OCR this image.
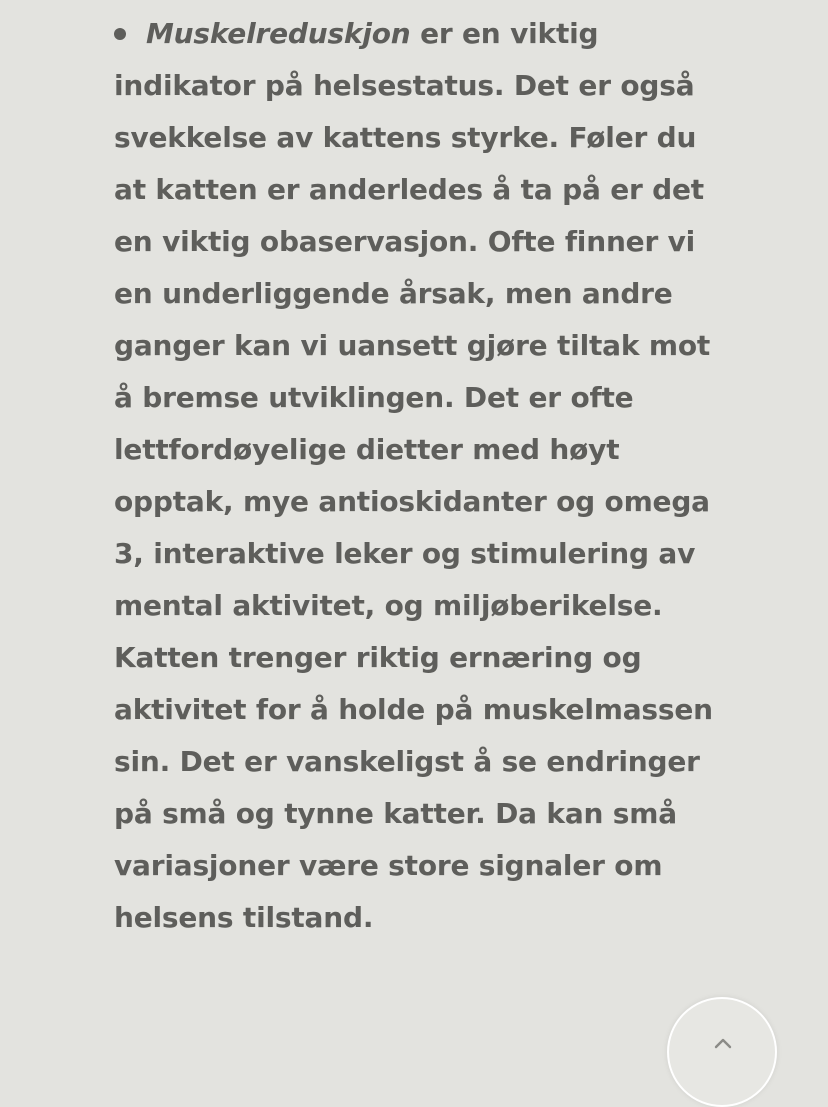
Muskelreduskjon er en viktig indikator på helsestatus. Det er også svekkelse av kattens styrke. Føler du at katten er anderledes å ta på er det en viktig obaservasjon. Ofte finner vi en underliggende årsak, men andre ganger kan vi uansett gjøre tiltak mot å bremse utviklingen. Det er ofte lettfordøyelige dietter med høyt opptak, mye antioskidanter og omega 3, interaktive leker og stimulering av mental aktivitet, og miljøberikelse. Katten trenger riktig ernæring og aktivitet for å holde på muskelmassen sin. Det er vanskeligst å se endringer på små og tynne katter. Da kan små variasjoner være store signaler om helsens tilstand.
